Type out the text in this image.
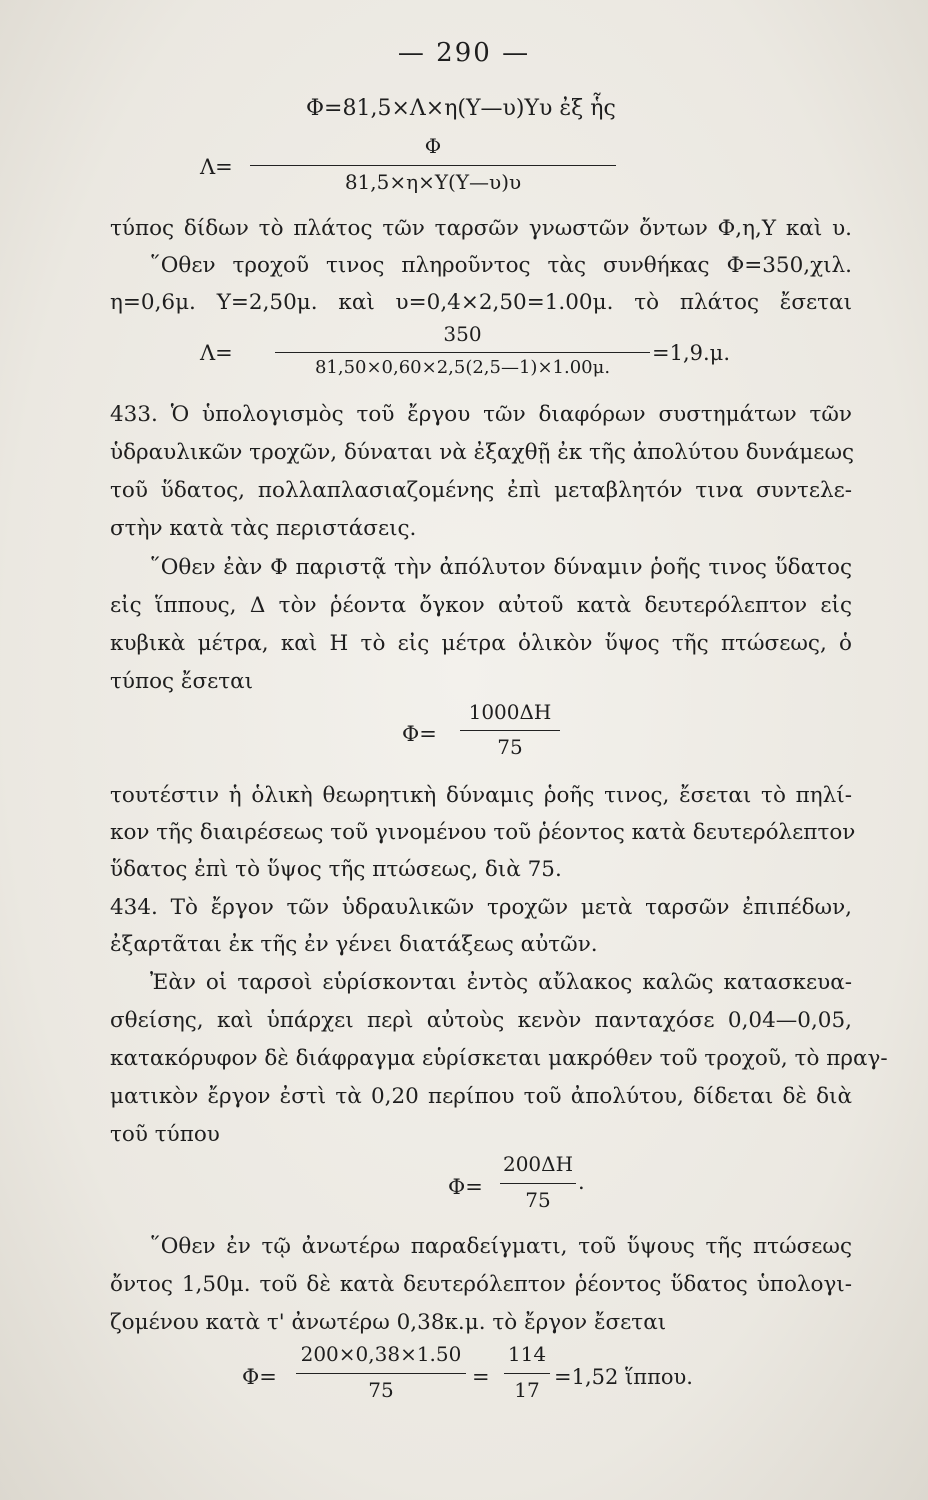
— 290 —
Φ=81,5×Λ×η(Υ—υ)Υυ ἐξ ἧς
Λ=
Φ
81,5×η×Υ(Υ—υ)υ
τύπος δίδων τὸ πλάτος τῶν ταρσῶν γνωστῶν ὄντων Φ,η,Υ καὶ υ.
῞Οθεν τροχοῦ τινος πληροῦντος τὰς συνθήκας Φ=350,χιλ.
η=0,6μ. Υ=2,50μ. καὶ υ=0,4×2,50=1.00μ. τὸ πλάτος ἔσεται
Λ=
350
81,50×0,60×2,5(2,5—1)×1.00μ.
=1,9.μ.
433. Ὁ ὑπολογισμὸς τοῦ ἔργου τῶν διαφόρων συστημάτων τῶν
ὑδραυλικῶν τροχῶν, δύναται νὰ ἐξαχθῇ ἐκ τῆς ἀπολύτου δυνάμεως
τοῦ ὕδατος, πολλαπλασιαζομένης ἐπὶ μεταβλητόν τινα συντελε-
στὴν κατὰ τὰς περιστάσεις.
῞Οθεν ἐὰν Φ παριστᾷ τὴν ἀπόλυτον δύναμιν ῥοῆς τινος ὕδατος
εἰς ἵππους, Δ τὸν ῥέοντα ὄγκον αὐτοῦ κατὰ δευτερόλεπτον εἰς
κυβικὰ μέτρα, καὶ Η τὸ εἰς μέτρα ὁλικὸν ὕψος τῆς πτώσεως, ὁ
τύπος ἔσεται
Φ=
1000ΔΗ
75
τουτέστιν ἡ ὁλικὴ θεωρητικὴ δύναμις ῥοῆς τινος, ἔσεται τὸ πηλί-
κον τῆς διαιρέσεως τοῦ γινομένου τοῦ ῥέοντος κατὰ δευτερόλεπτον
ὕδατος ἐπὶ τὸ ὕψος τῆς πτώσεως, διὰ 75.
434. Τὸ ἔργον τῶν ὑδραυλικῶν τροχῶν μετὰ ταρσῶν ἐπιπέδων,
ἐξαρτᾶται ἐκ τῆς ἐν γένει διατάξεως αὐτῶν.
Ἐὰν οἱ ταρσοὶ εὑρίσκονται ἐντὸς αὔλακος καλῶς κατασκευα-
σθείσης, καὶ ὑπάρχει περὶ αὐτοὺς κενὸν πανταχόσε 0,04—0,05,
κατακόρυφον δὲ διάφραγμα εὑρίσκεται μακρόθεν τοῦ τροχοῦ, τὸ πραγ-
ματικὸν ἔργον ἐστὶ τὰ 0,20 περίπου τοῦ ἀπολύτου, δίδεται δὲ διὰ
τοῦ τύπου
Φ=
200ΔΗ
75
.
῞Οθεν ἐν τῷ ἀνωτέρω παραδείγματι, τοῦ ὕψους τῆς πτώσεως
ὄντος 1,50μ. τοῦ δὲ κατὰ δευτερόλεπτον ῥέοντος ὕδατος ὑπολογι-
ζομένου κατὰ τ' ἀνωτέρω 0,38κ.μ. τὸ ἔργον ἔσεται
Φ=
200×0,38×1.50
75
=
114
17
=1,52 ἵππου.
